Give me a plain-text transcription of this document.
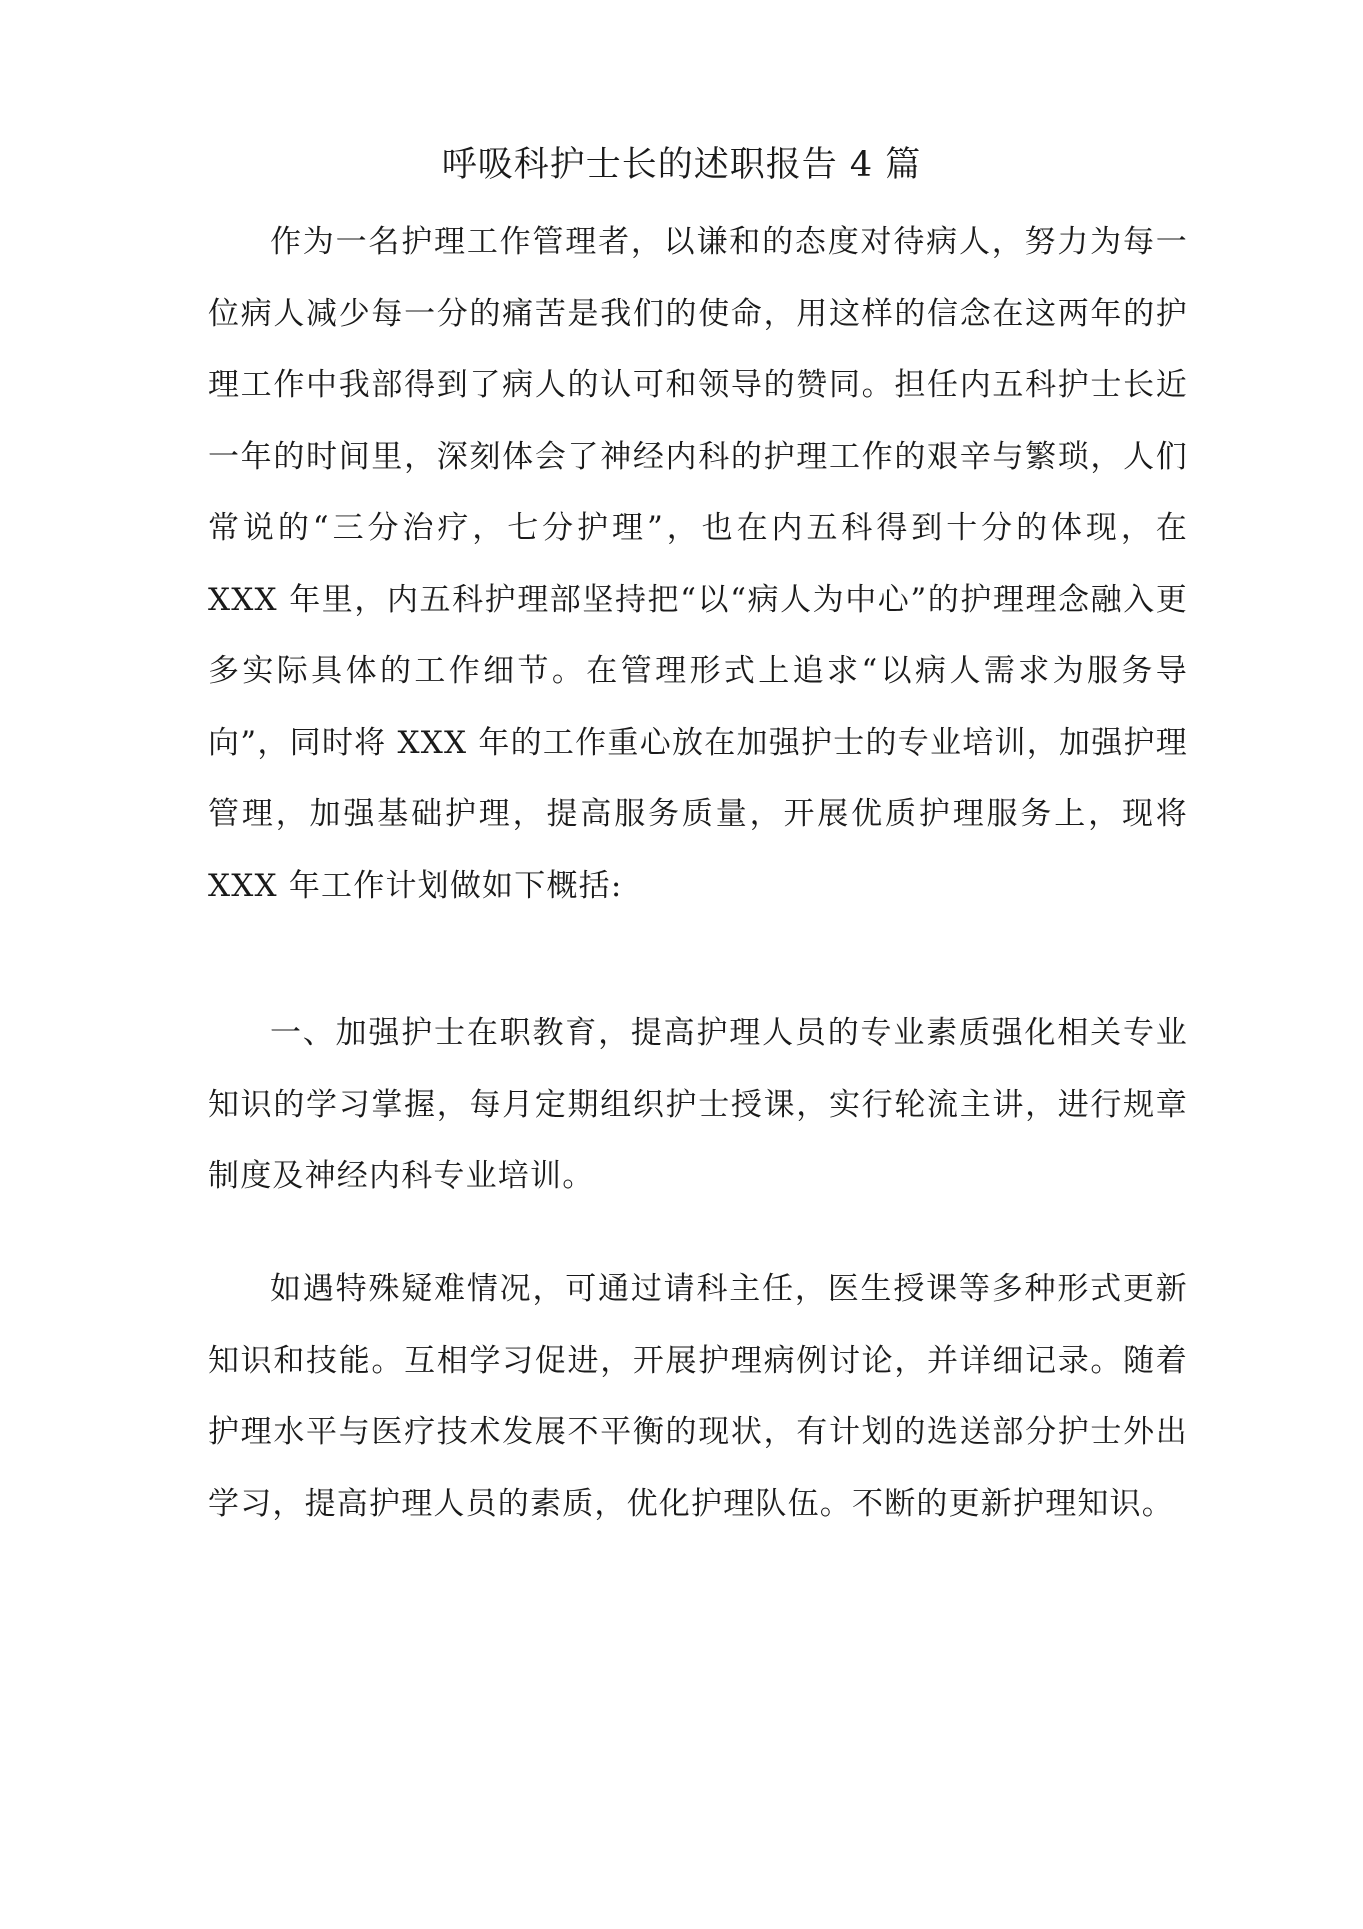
呼吸科护士长的述职报告 4 篇

作为一名护理工作管理者，以谦和的态度对待病人，努力为每一位病人减少每一分的痛苦是我们的使命，用这样的信念在这两年的护理工作中我部得到了病人的认可和领导的赞同。担任内五科护士长近一年的时间里，深刻体会了神经内科的护理工作的艰辛与繁琐，人们常说的“三分治疗，七分护理”，也在内五科得到十分的体现，在 XXX 年里，内五科护理部坚持把“以“病人为中心”的护理理念融入更多实际具体的工作细节。在管理形式上追求“以病人需求为服务导向”，同时将 XXX 年的工作重心放在加强护士的专业培训，加强护理管理，加强基础护理，提高服务质量，开展优质护理服务上，现将 XXX 年工作计划做如下概括:

一、加强护士在职教育，提高护理人员的专业素质强化相关专业知识的学习掌握，每月定期组织护士授课，实行轮流主讲，进行规章制度及神经内科专业培训。

如遇特殊疑难情况，可通过请科主任，医生授课等多种形式更新知识和技能。互相学习促进，开展护理病例讨论，并详细记录。随着护理水平与医疗技术发展不平衡的现状，有计划的选送部分护士外出学习，提高护理人员的素质，优化护理队伍。不断的更新护理知识。
